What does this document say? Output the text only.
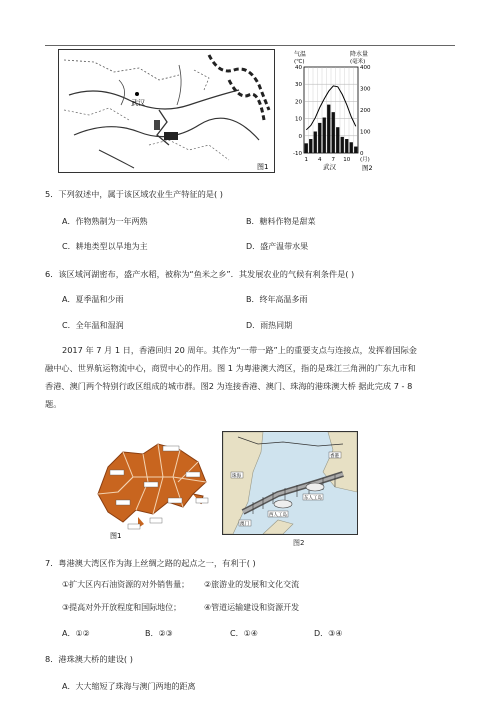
武汉
图1
气温
(℃)
降水量
(毫米)
40
30
20
10
0
-10
400
300
200
100
0
1 4 7 10 (月)
武汉	图2
5．下列叙述中，属于该区域农业生产特征的是( )
A．作物熟制为一年两熟	B．糖料作物是甜菜
C．耕地类型以旱地为主	D．盛产温带水果
6．该区域河湖密布，盛产水稻，被称为“鱼米之乡”．其发展农业的气候有利条件是( )
A．夏季温和少雨	B．终年高温多雨
C．全年温和湿润	D．雨热同期
2017 年 7 月 1 日，香港回归 20 周年。其作为“一带一路”上的重要支点与连接点，发挥着国际金
融中心、世界航运物流中心，商贸中心的作用。图 1 为粤港澳大湾区，指的是珠江三角洲的广东九市和
香港、澳门两个特别行政区组成的城市群。图2 为连接香港、澳门、珠海的港珠澳大桥 据此完成 7 - 8
题。
图1
珠海
香港
西人工岛
东人工岛
澳门
图2
7．粤港澳大湾区作为海上丝绸之路的起点之一，有利于( )
①扩大区内石油资源的对外销售量； ②旅游业的发展和文化交流
③提高对外开放程度和国际地位；	④管道运输建设和资源开发
A．①②	B．②③	C．①④	D．③④
8．港珠澳大桥的建设( )
A．大大缩短了珠海与澳门两地的距离
